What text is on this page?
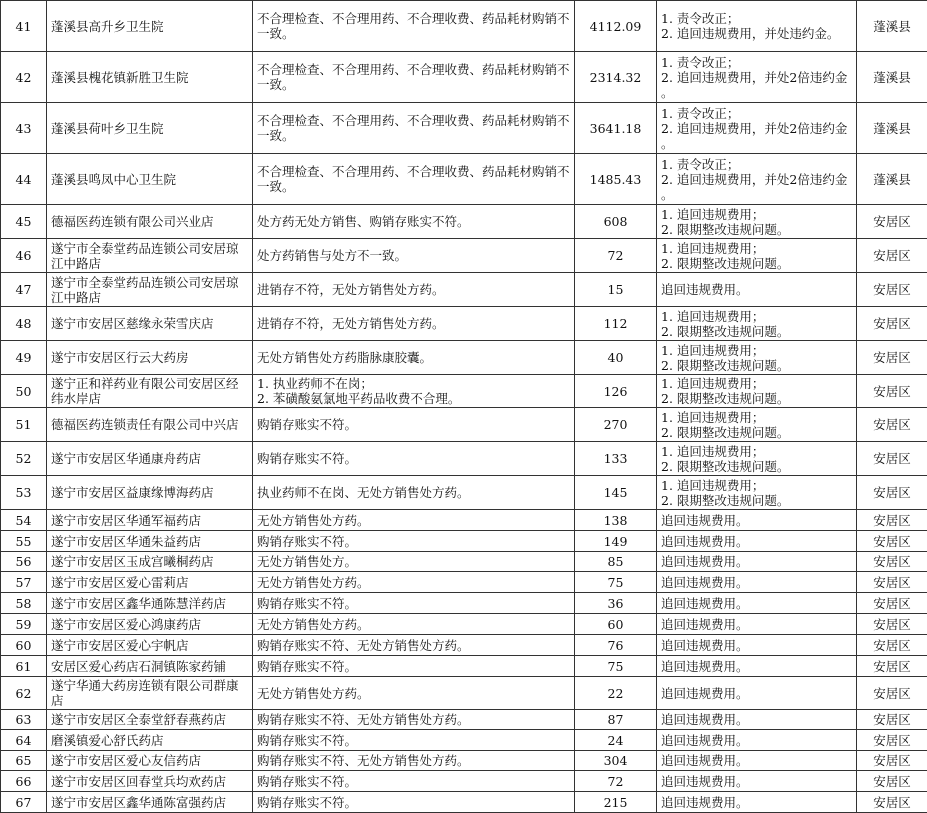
41	蓬溪县高升乡卫生院	不合理检查、不合理用药、不合理收费、药品耗材购销不一致。	4112.09	1. 责令改正；
2. 追回违规费用，并处违约金。	蓬溪县
42	蓬溪县槐花镇新胜卫生院	不合理检查、不合理用药、不合理收费、药品耗材购销不一致。	2314.32	1. 责令改正；
2. 追回违规费用，并处2倍违约金
。	蓬溪县
43	蓬溪县荷叶乡卫生院	不合理检查、不合理用药、不合理收费、药品耗材购销不一致。	3641.18	1. 责令改正；
2. 追回违规费用，并处2倍违约金
。	蓬溪县
44	蓬溪县鸣凤中心卫生院	不合理检查、不合理用药、不合理收费、药品耗材购销不一致。	1485.43	1. 责令改正；
2. 追回违规费用，并处2倍违约金
。	蓬溪县
45	德福医药连锁有限公司兴业店	处方药无处方销售、购销存账实不符。	608	1. 追回违规费用；
2. 限期整改违规问题。	安居区
46	遂宁市全泰堂药品连锁公司安居琼江中路店	处方药销售与处方不一致。	72	1. 追回违规费用；
2. 限期整改违规问题。	安居区
47	遂宁市全泰堂药品连锁公司安居琼江中路店	进销存不符，无处方销售处方药。	15	追回违规费用。	安居区
48	遂宁市安居区慈缘永荣雪庆店	进销存不符，无处方销售处方药。	112	1. 追回违规费用；
2. 限期整改违规问题。	安居区
49	遂宁市安居区行云大药房	无处方销售处方药脂脉康胶囊。	40	1. 追回违规费用；
2. 限期整改违规问题。	安居区
50	遂宁正和祥药业有限公司安居区经纬水岸店	1. 执业药师不在岗；
2. 苯磺酸氨氯地平药品收费不合理。	126	1. 追回违规费用；
2. 限期整改违规问题。	安居区
51	德福医药连锁责任有限公司中兴店	购销存账实不符。	270	1. 追回违规费用；
2. 限期整改违规问题。	安居区
52	遂宁市安居区华通康舟药店	购销存账实不符。	133	1. 追回违规费用；
2. 限期整改违规问题。	安居区
53	遂宁市安居区益康缘博海药店	执业药师不在岗、无处方销售处方药。	145	1. 追回违规费用；
2. 限期整改违规问题。	安居区
54	遂宁市安居区华通军福药店	无处方销售处方药。	138	追回违规费用。	安居区
55	遂宁市安居区华通朱益药店	购销存账实不符。	149	追回违规费用。	安居区
56	遂宁市安居区玉成宫曦桐药店	无处方销售处方。	85	追回违规费用。	安居区
57	遂宁市安居区爱心雷莉店	无处方销售处方药。	75	追回违规费用。	安居区
58	遂宁市安居区鑫华通陈慧洋药店	购销存账实不符。	36	追回违规费用。	安居区
59	遂宁市安居区爱心鸿康药店	无处方销售处方药。	60	追回违规费用。	安居区
60	遂宁市安居区爱心宇帆店	购销存账实不符、无处方销售处方药。	76	追回违规费用。	安居区
61	安居区爱心药店石洞镇陈家药铺	购销存账实不符。	75	追回违规费用。	安居区
62	遂宁华通大药房连锁有限公司群康店	无处方销售处方药。	22	追回违规费用。	安居区
63	遂宁市安居区全泰堂舒春燕药店	购销存账实不符、无处方销售处方药。	87	追回违规费用。	安居区
64	磨溪镇爱心舒氏药店	购销存账实不符。	24	追回违规费用。	安居区
65	遂宁市安居区爱心友信药店	购销存账实不符、无处方销售处方药。	304	追回违规费用。	安居区
66	遂宁市安居区回春堂兵均欢药店	购销存账实不符。	72	追回违规费用。	安居区
67	遂宁市安居区鑫华通陈富强药店	购销存账实不符。	215	追回违规费用。	安居区
